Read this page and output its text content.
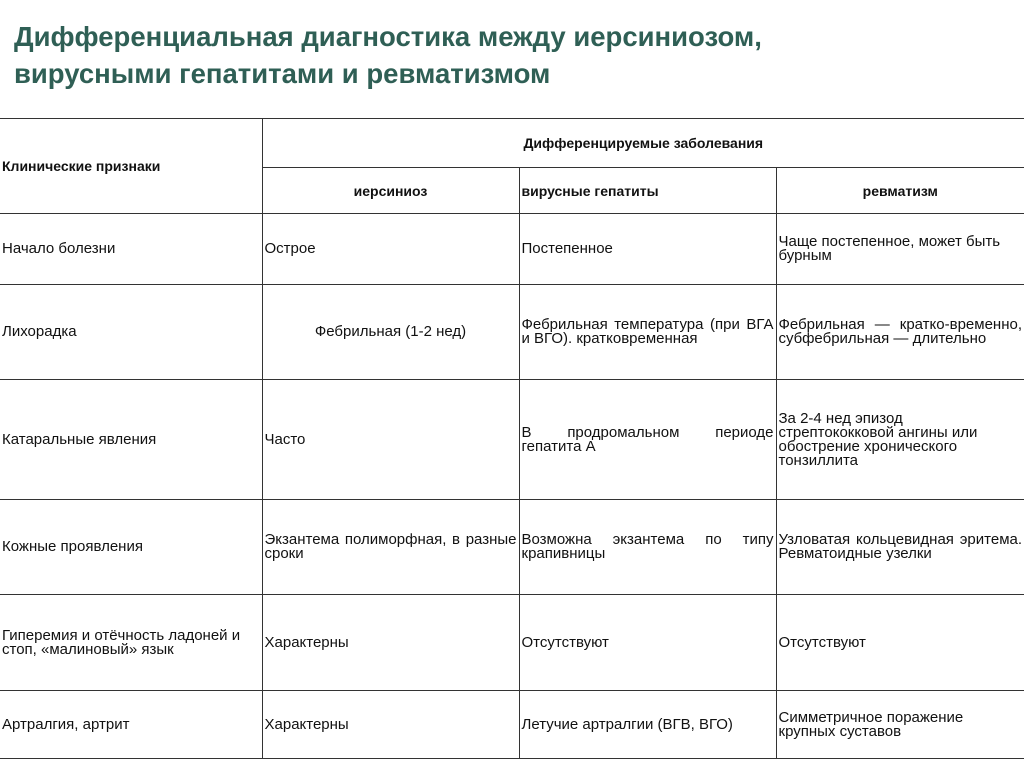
Дифференциальная диагностика между иерсиниозом,
вирусными гепатитами и ревматизмом
Клинические признаки	Дифференцируемые заболевания		
	иерсиниоз	вирусные гепатиты	ревматизм
Начало болезни	Острое	Постепенное	Чаще постепенное, может быть бурным
Лихорадка	Фебрильная (1-2 нед)	Фебрильная температура (при ВГА и ВГО). кратковременная	Фебрильная — кратко-временно, субфебрильная — длительно
Катаральные явления	Часто	В продромальном периоде гепатита А	За 2-4 нед эпизод стрептококковой ангины или обострение хронического тонзиллита
Кожные проявления	Экзантема полиморфная, в разные сроки	Возможна экзантема по типу крапивницы	Узловатая кольцевидная эритема. Ревматоидные узелки
Гиперемия и отёчность ладоней и стоп, «малиновый» язык	Характерны	Отсутствуют	Отсутствуют
Артралгия, артрит	Характерны	Летучие артралгии (ВГВ, ВГО)	Симметричное поражение крупных суставов
